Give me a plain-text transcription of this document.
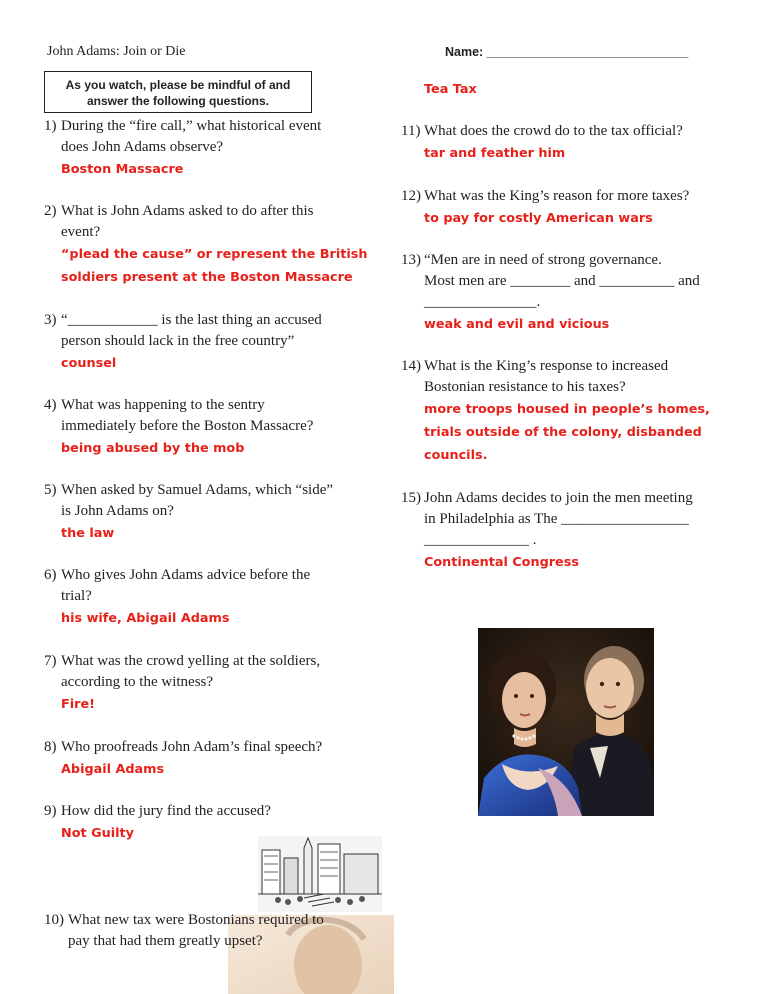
John Adams: Join or Die	Name: _____________________________
As you watch, please be mindful of and
answer the following questions.
1) During the “fire call,” what historical event
does John Adams observe?
Boston Massacre
2) What is John Adams asked to do after this
event?
“plead the cause” or represent the British
soldiers present at the Boston Massacre
3) “____________ is the last thing an accused
person should lack in the free country”
counsel
4) What was happening to the sentry
immediately before the Boston Massacre?
being abused by the mob
5) When asked by Samuel Adams, which “side”
is John Adams on?
the law
6) Who gives John Adams advice before the
trial?
his wife, Abigail Adams
7) What was the crowd yelling at the soldiers,
according to the witness?
Fire!
8) Who proofreads John Adam’s final speech?
Abigail Adams
9) How did the jury find the accused?
Not Guilty
10) What new tax were Bostonians required to
pay that had them greatly upset?
Tea Tax
11) What does the crowd do to the tax official?
tar and feather him
12) What was the King’s reason for more taxes?
to pay for costly American wars
13) “Men are in need of strong governance.
Most men are ________ and __________ and
_______________.
weak and evil and vicious
14) What is the King’s response to increased
Bostonian resistance to his taxes?
more troops housed in people’s homes,
trials outside of the colony, disbanded
councils.
15) John Adams decides to join the men meeting
in Philadelphia as The _________________
______________ .
Continental Congress
